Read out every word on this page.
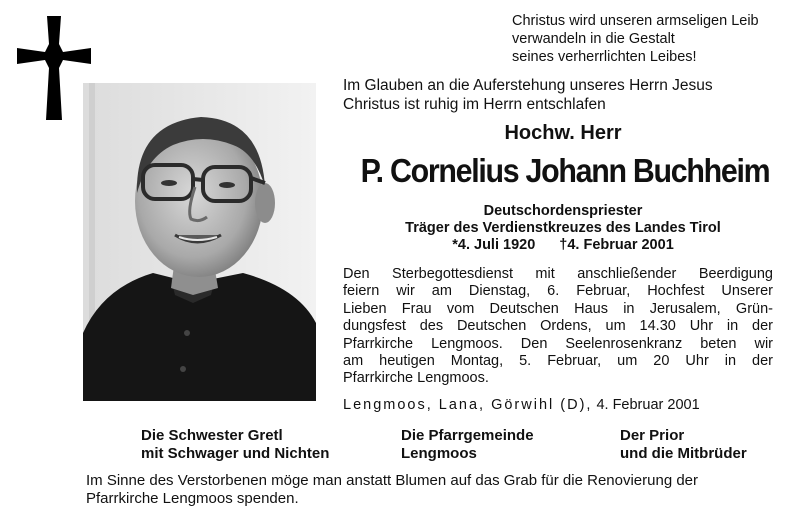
Christus wird unseren armseligen Leib
verwandeln in die Gestalt
seines verherrlichten Leibes!
Im Glauben an die Auferstehung unseres Herrn Jesus
Christus ist ruhig im Herrn entschlafen
Hochw. Herr
P. Cornelius Johann Buchheim
Deutschordenspriester
Träger des Verdienstkreuzes des Landes Tirol
*4. Juli 1920 †4. Februar 2001
Den Sterbegottesdienst mit anschließender Beerdigung
feiern wir am Dienstag, 6. Februar, Hochfest Unserer
Lieben Frau vom Deutschen Haus in Jerusalem, Grün-
dungsfest des Deutschen Ordens, um 14.30 Uhr in der
Pfarrkirche Lengmoos. Den Seelenrosenkranz beten wir
am heutigen Montag, 5. Februar, um 20 Uhr in der
Pfarrkirche Lengmoos.
Lengmoos, Lana, Görwihl (D), 4. Februar 2001
Die Schwester Gretl
mit Schwager und Nichten
Die Pfarrgemeinde
Lengmoos
Der Prior
und die Mitbrüder
Im Sinne des Verstorbenen möge man anstatt Blumen auf das Grab für die Renovierung der
Pfarrkirche Lengmoos spenden.
